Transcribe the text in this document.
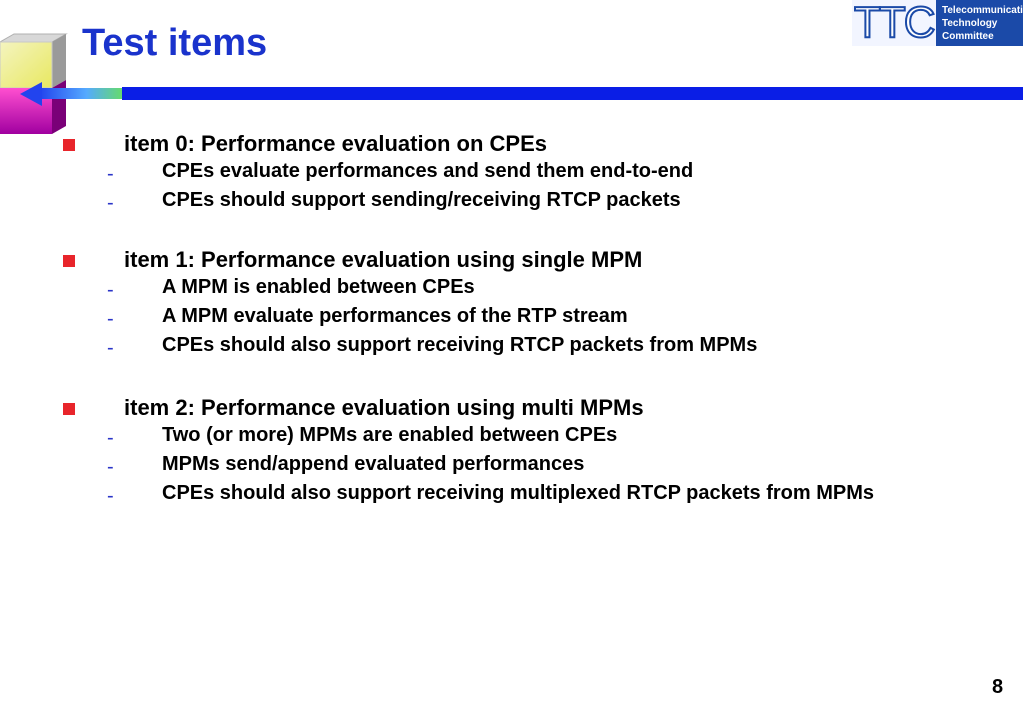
Test items	TTC Telecommunication
Technology
Committee
item 0: Performance evaluation on CPEs
- CPEs evaluate performances and send them end-to-end
- CPEs should support sending/receiving RTCP packets
item 1: Performance evaluation using single MPM
- A MPM is enabled between CPEs
- A MPM evaluate performances of the RTP stream
- CPEs should also support receiving RTCP packets from MPMs
item 2: Performance evaluation using multi MPMs
- Two (or more) MPMs are enabled between CPEs
- MPMs send/append evaluated performances
- CPEs should also support receiving multiplexed RTCP packets from MPMs
8
